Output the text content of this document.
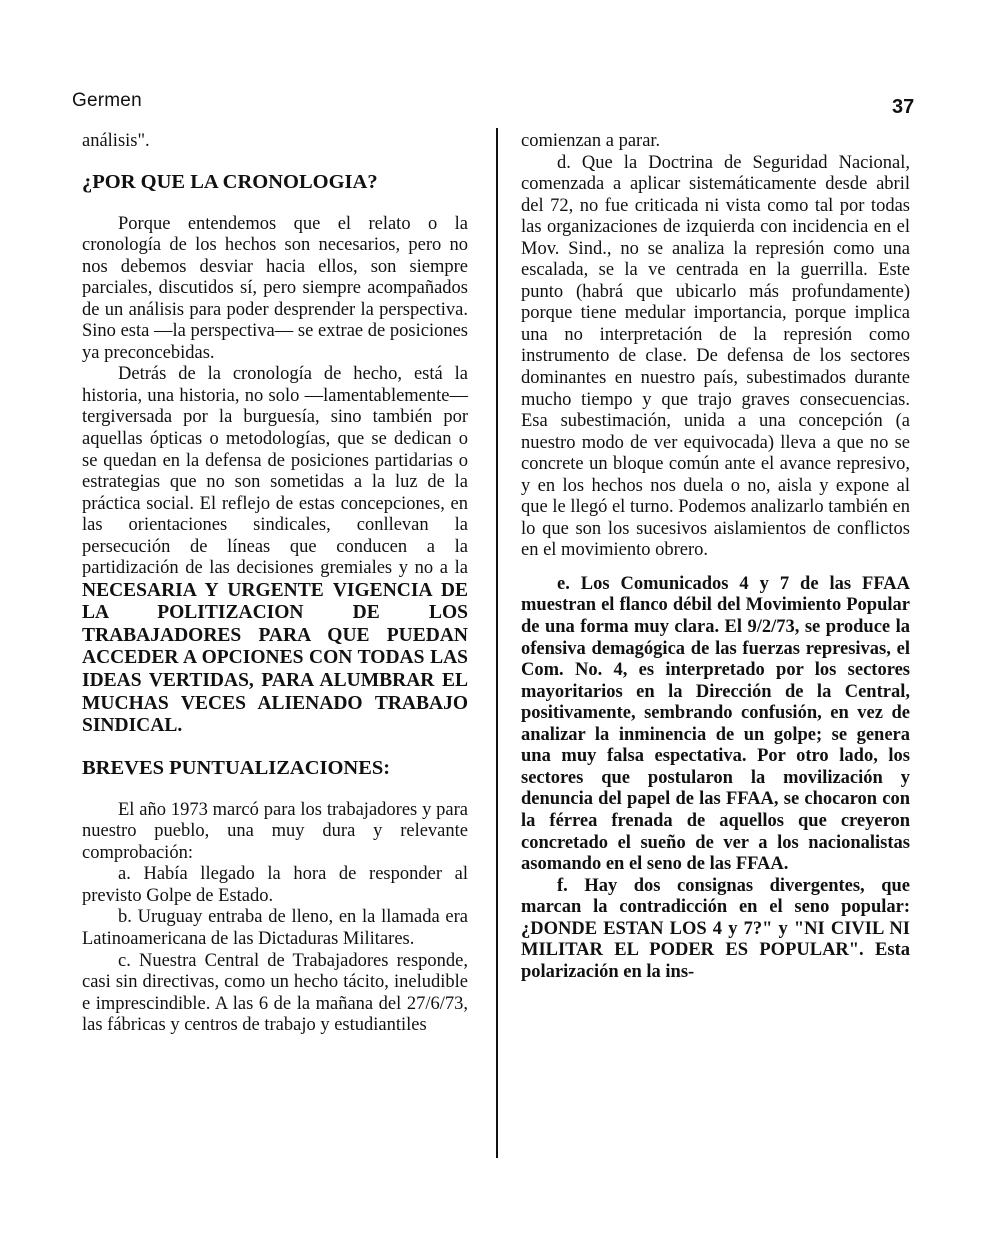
Germen	37

análisis".

¿POR QUE LA CRONOLOGIA?

Porque entendemos que el relato o la cronología de los hechos son necesarios, pero no nos debemos desviar hacia ellos, son siempre parciales, discutidos sí, pero siempre acompañados de un análisis para poder desprender la perspectiva. Sino esta —la perspectiva— se extrae de posiciones ya preconcebidas.

Detrás de la cronología de hecho, está la historia, una historia, no solo —lamentablemente— tergiversada por la burguesía, sino también por aquellas ópticas o metodologías, que se dedican o se quedan en la defensa de posiciones partidarias o estrategias que no son sometidas a la luz de la práctica social. El reflejo de estas concepciones, en las orientaciones sindicales, conllevan la persecución de líneas que conducen a la partidización de las decisiones gremiales y no a la NECESARIA Y URGENTE VIGENCIA DE LA POLITIZACION DE LOS TRABAJADORES PARA QUE PUEDAN ACCEDER A OPCIONES CON TODAS LAS IDEAS VERTIDAS, PARA ALUMBRAR EL MUCHAS VECES ALIENADO TRABAJO SINDICAL.

BREVES PUNTUALIZACIONES:

El año 1973 marcó para los trabajadores y para nuestro pueblo, una muy dura y relevante comprobación:

a. Había llegado la hora de responder al previsto Golpe de Estado.

b. Uruguay entraba de lleno, en la llamada era Latinoamericana de las Dictaduras Militares.

c. Nuestra Central de Trabajadores responde, casi sin directivas, como un hecho tácito, ineludible e imprescindible. A las 6 de la mañana del 27/6/73, las fábricas y centros de trabajo y estudiantiles

comienzan a parar.

d. Que la Doctrina de Seguridad Nacional, comenzada a aplicar sistemáticamente desde abril del 72, no fue criticada ni vista como tal por todas las organizaciones de izquierda con incidencia en el Mov. Sind., no se analiza la represión como una escalada, se la ve centrada en la guerrilla. Este punto (habrá que ubicarlo más profundamente) porque tiene medular importancia, porque implica una no interpretación de la represión como instrumento de clase. De defensa de los sectores dominantes en nuestro país, subestimados durante mucho tiempo y que trajo graves consecuencias. Esa subestimación, unida a una concepción (a nuestro modo de ver equivocada) lleva a que no se concrete un bloque común ante el avance represivo, y en los hechos nos duela o no, aisla y expone al que le llegó el turno. Podemos analizarlo también en lo que son los sucesivos aislamientos de conflictos en el movimiento obrero.

e. Los Comunicados 4 y 7 de las FFAA muestran el flanco débil del Movimiento Popular de una forma muy clara. El 9/2/73, se produce la ofensiva demagógica de las fuerzas represivas, el Com. No. 4, es interpretado por los sectores mayoritarios en la Dirección de la Central, positivamente, sembrando confusión, en vez de analizar la inminencia de un golpe; se genera una muy falsa espectativa. Por otro lado, los sectores que postularon la movilización y denuncia del papel de las FFAA, se chocaron con la férrea frenada de aquellos que creyeron concretado el sueño de ver a los nacionalistas asomando en el seno de las FFAA.

f. Hay dos consignas divergentes, que marcan la contradicción en el seno popular: ¿DONDE ESTAN LOS 4 y 7?" y "NI CIVIL NI MILITAR EL PODER ES POPULAR". Esta polarización en la ins-
